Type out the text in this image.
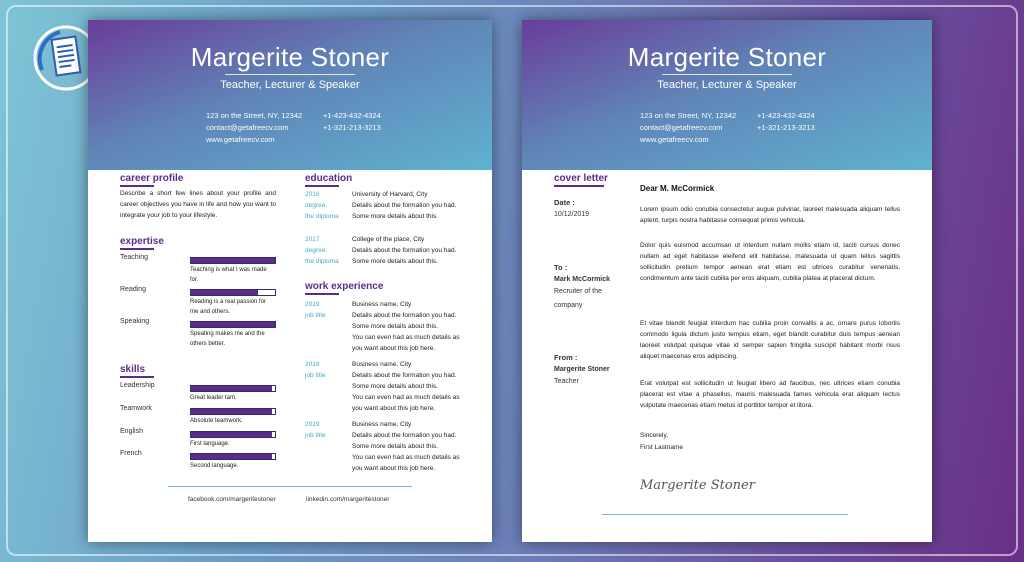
Margerite Stoner
Teacher, Lecturer & Speaker
123 on the Street, NY, 12342
contact@getafreecv.com
www.getafreecv.com
+1-423-432-4324
+1-321-213-3213
career profile
Describe a short few lines about your profile and career objectives you have in life and how you want to integrate your job to your lifestyle.
expertise
skills
education
work experience
facebook.com/margeritestoner	linkedin.com/margeritestoner
Teaching
Teaching is what I was made for.
Reading
Reading is a real passion for me and others.
Speaking
Speating makes me and the others better.
Leadership
Great leader tam.
Teamwork
Absolute teamwork.
English
First language.
French
Second language.
2016
degree,
the diploma
University of Harvard, City
Details about the formation you had.
Some more details about this.
2017
degree,
the diploma
College of the place, City
Details about the formation you had.
Some more details about this.
2019
job title
Business name, City
Details about the formation you had.
Some more details about this.
You can even had as much details as
you want about this job here.
2019
job title
Business name, City
Details about the formation you had.
Some more details about this.
You can even had as much details as
you want about this job here.
2019
job title
Business name, City
Details about the formation you had.
Some more details about this.
You can even had as much details as
you want about this job here.
Margerite Stoner
Teacher, Lecturer & Speaker
123 on the Street, NY, 12342
contact@getafreecv.com
www.getafreecv.com
+1-423-432-4324
+1-321-213-3213
cover letter
Date :
10/12/2019
To :
Mark McCormick
Recruiter of the
company
From :
Margerite Stoner
Teacher
Dear M. McCormick
Lorem ipsum odio conubia consectetur augue pulvinar, laoreet malesuada aliquam tellus aptent, turpis nostra habitasse consequat primis vehicula.
Dolor quis euismod accumsan ut interdum nullam mollis etiam id, taciti cursus donec nullam ad eget habitasse eleifend elit habitasse, malesuada ut quam tellus sagittis sollicitudin pretium tempor aenean erat etiam est ultrices curabitur venenatis, condimentum ante taciti cubilia per eros aliquam, cubilia platea at placerat dictum.
Et vitae blandit feugiat interdum hac cubilia proin convallis a ac, ornare purus lobortis commodo ligula dictum justo tempus etiam, eget blandit curabitur duis tempus aenean laoreet volutpat quisque vitae id semper sapien fringilla suscipit habitant morbi risus aliquet maecenas eros adipiscing.
Erat volutpat est sollicitudin ut feugiat libero ad faucibus, nec ultrices etiam conubia placerat est vitae a phasellus, mauris malesuada fames vehicula erat aliquam lectus vulputate maecenas etiam metus id porttitor tempor et litora.
Sincerely,
First Lastname
Margerite Stoner
